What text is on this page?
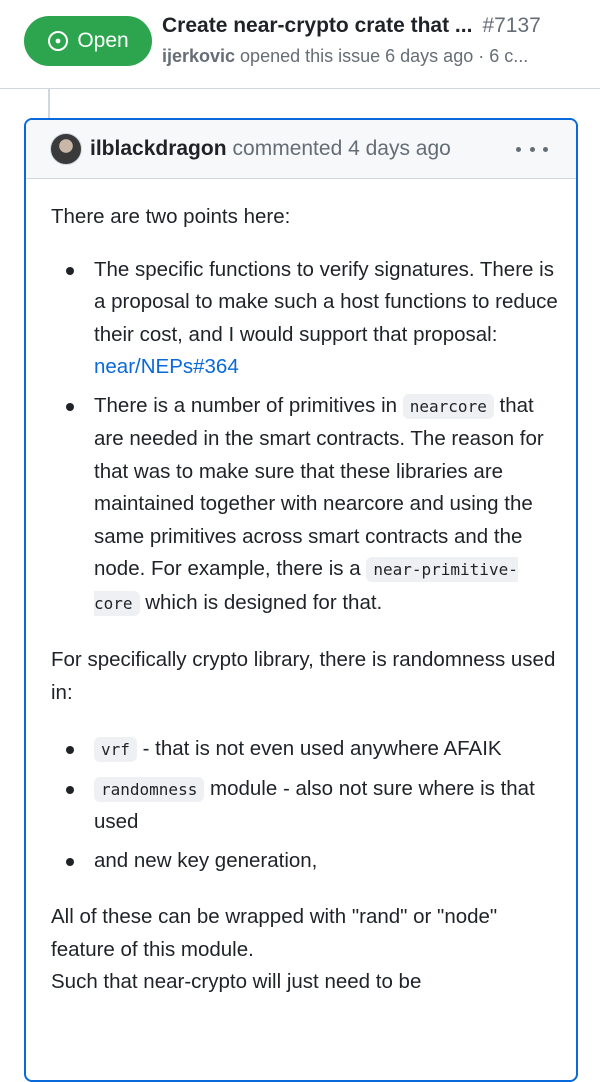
Open
Create near-crypto crate that ... #7137
ijerkovic opened this issue 6 days ago · 6 c...
ilblackdragon commented 4 days ago

There are two points here:

The specific functions to verify signatures. There is a proposal to make such a host functions to reduce their cost, and I would support that proposal: near/NEPs#364
There is a number of primitives in nearcore that are needed in the smart contracts. The reason for that was to make sure that these libraries are maintained together with nearcore and using the same primitives across smart contracts and the node. For example, there is a near-primitive-core which is designed for that.

For specifically crypto library, there is randomness used in:

vrf - that is not even used anywhere AFAIK
randomness module - also not sure where is that used
and new key generation,

All of these can be wrapped with "rand" or "node" feature of this module.

Such that near-crypto will just need to be
